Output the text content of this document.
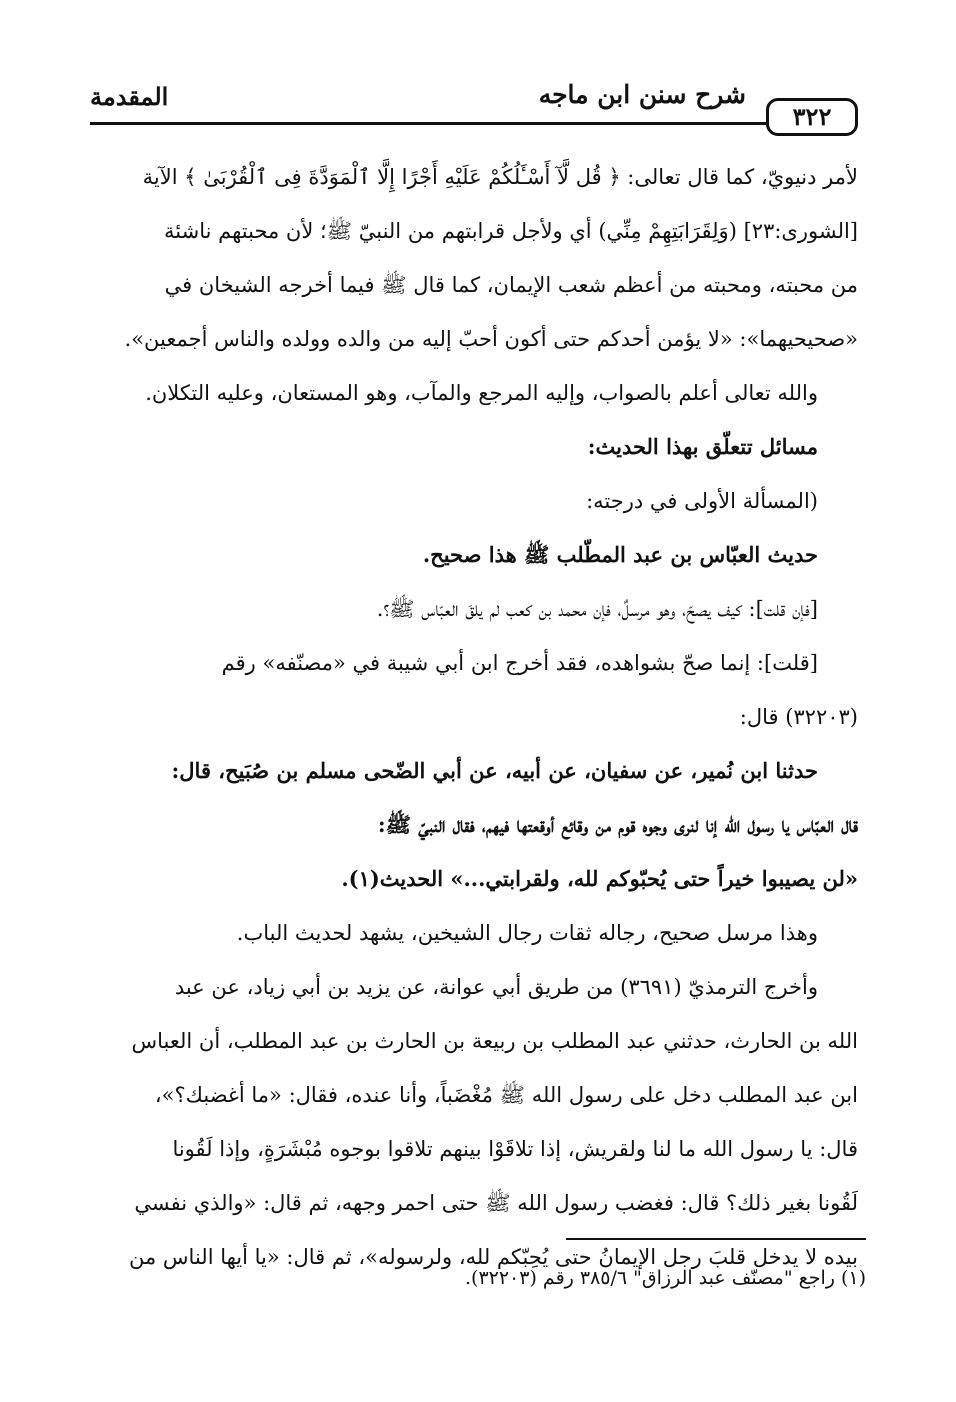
٣٢٢
شرح سنن ابن ماجه
المقدمة
لأمر دنيويّ، كما قال تعالى: ﴿ قُل لَّآ أَسْـَٔلُكُمْ عَلَيْهِ أَجْرًا إِلَّا ٱلْمَوَدَّةَ فِى ٱلْقُرْبَىٰ ﴾ الآية
[الشورى:٢٣] (وَلِقَرَابَتِهِمْ مِنِّي) أي ولأجل قرابتهم من النبيّ ﷺ؛ لأن محبتهم ناشئة
من محبته، ومحبته من أعظم شعب الإيمان، كما قال ﷺ فيما أخرجه الشيخان في
«صحيحيهما»: «لا يؤمن أحدكم حتى أكون أحبّ إليه من والده وولده والناس أجمعين».
والله تعالى أعلم بالصواب، وإليه المرجع والمآب، وهو المستعان، وعليه التكلان.
مسائل تتعلّق بهذا الحديث:
(المسألة الأولى في درجته:
حديث العبّاس بن عبد المطّلب ﷺ هذا صحيح.
[فإن قلت]: كيف يصحّ، وهو مرسلٌ، فإن محمد بن كعب لم يلقَ العبّاس ﷺ؟.
[قلت]: إنما صحّ بشواهده، فقد أخرج ابن أبي شيبة في «مصنّفه» رقم
(٣٢٢٠٣) قال:
حدثنا ابن نُمير، عن سفيان، عن أبيه، عن أبي الضّحى مسلم بن صُبَيح، قال:
قال العبّاس يا رسول الله إنا لنرى وجوه قوم من وقائع أوقعتها فيهم، فقال النبيّ ﷺ:
«لن يصيبوا خيراً حتى يُحبّوكم لله، ولقرابتي...» الحديث(١).
وهذا مرسل صحيح، رجاله ثقات رجال الشيخين، يشهد لحديث الباب.
وأخرج الترمذيّ (٣٦٩١) من طريق أبي عوانة، عن يزيد بن أبي زياد، عن عبد
الله بن الحارث، حدثني عبد المطلب بن ربيعة بن الحارث بن عبد المطلب، أن العباس
ابن عبد المطلب دخل على رسول الله ﷺ مُغْضَباً، وأنا عنده، فقال: «ما أغضبك؟»،
قال: يا رسول الله ما لنا ولقريش، إذا تلاقَوْا بينهم تلاقوا بوجوه مُبْشَرَةٍ، وإذا لَقُونا
لَقُونا بغير ذلك؟ قال: فغضب رسول الله ﷺ حتى احمر وجهه، ثم قال: «والذي نفسي
بيده لا يدخل قلبَ رجل الإيمانُ حتى يُحِبّكم لله، ولرسوله»، ثم قال: «يا أيها الناس من
(١) راجع "مصنّف عبد الرزاق" ٣٨٥/٦ رقم (٣٢٢٠٣).
